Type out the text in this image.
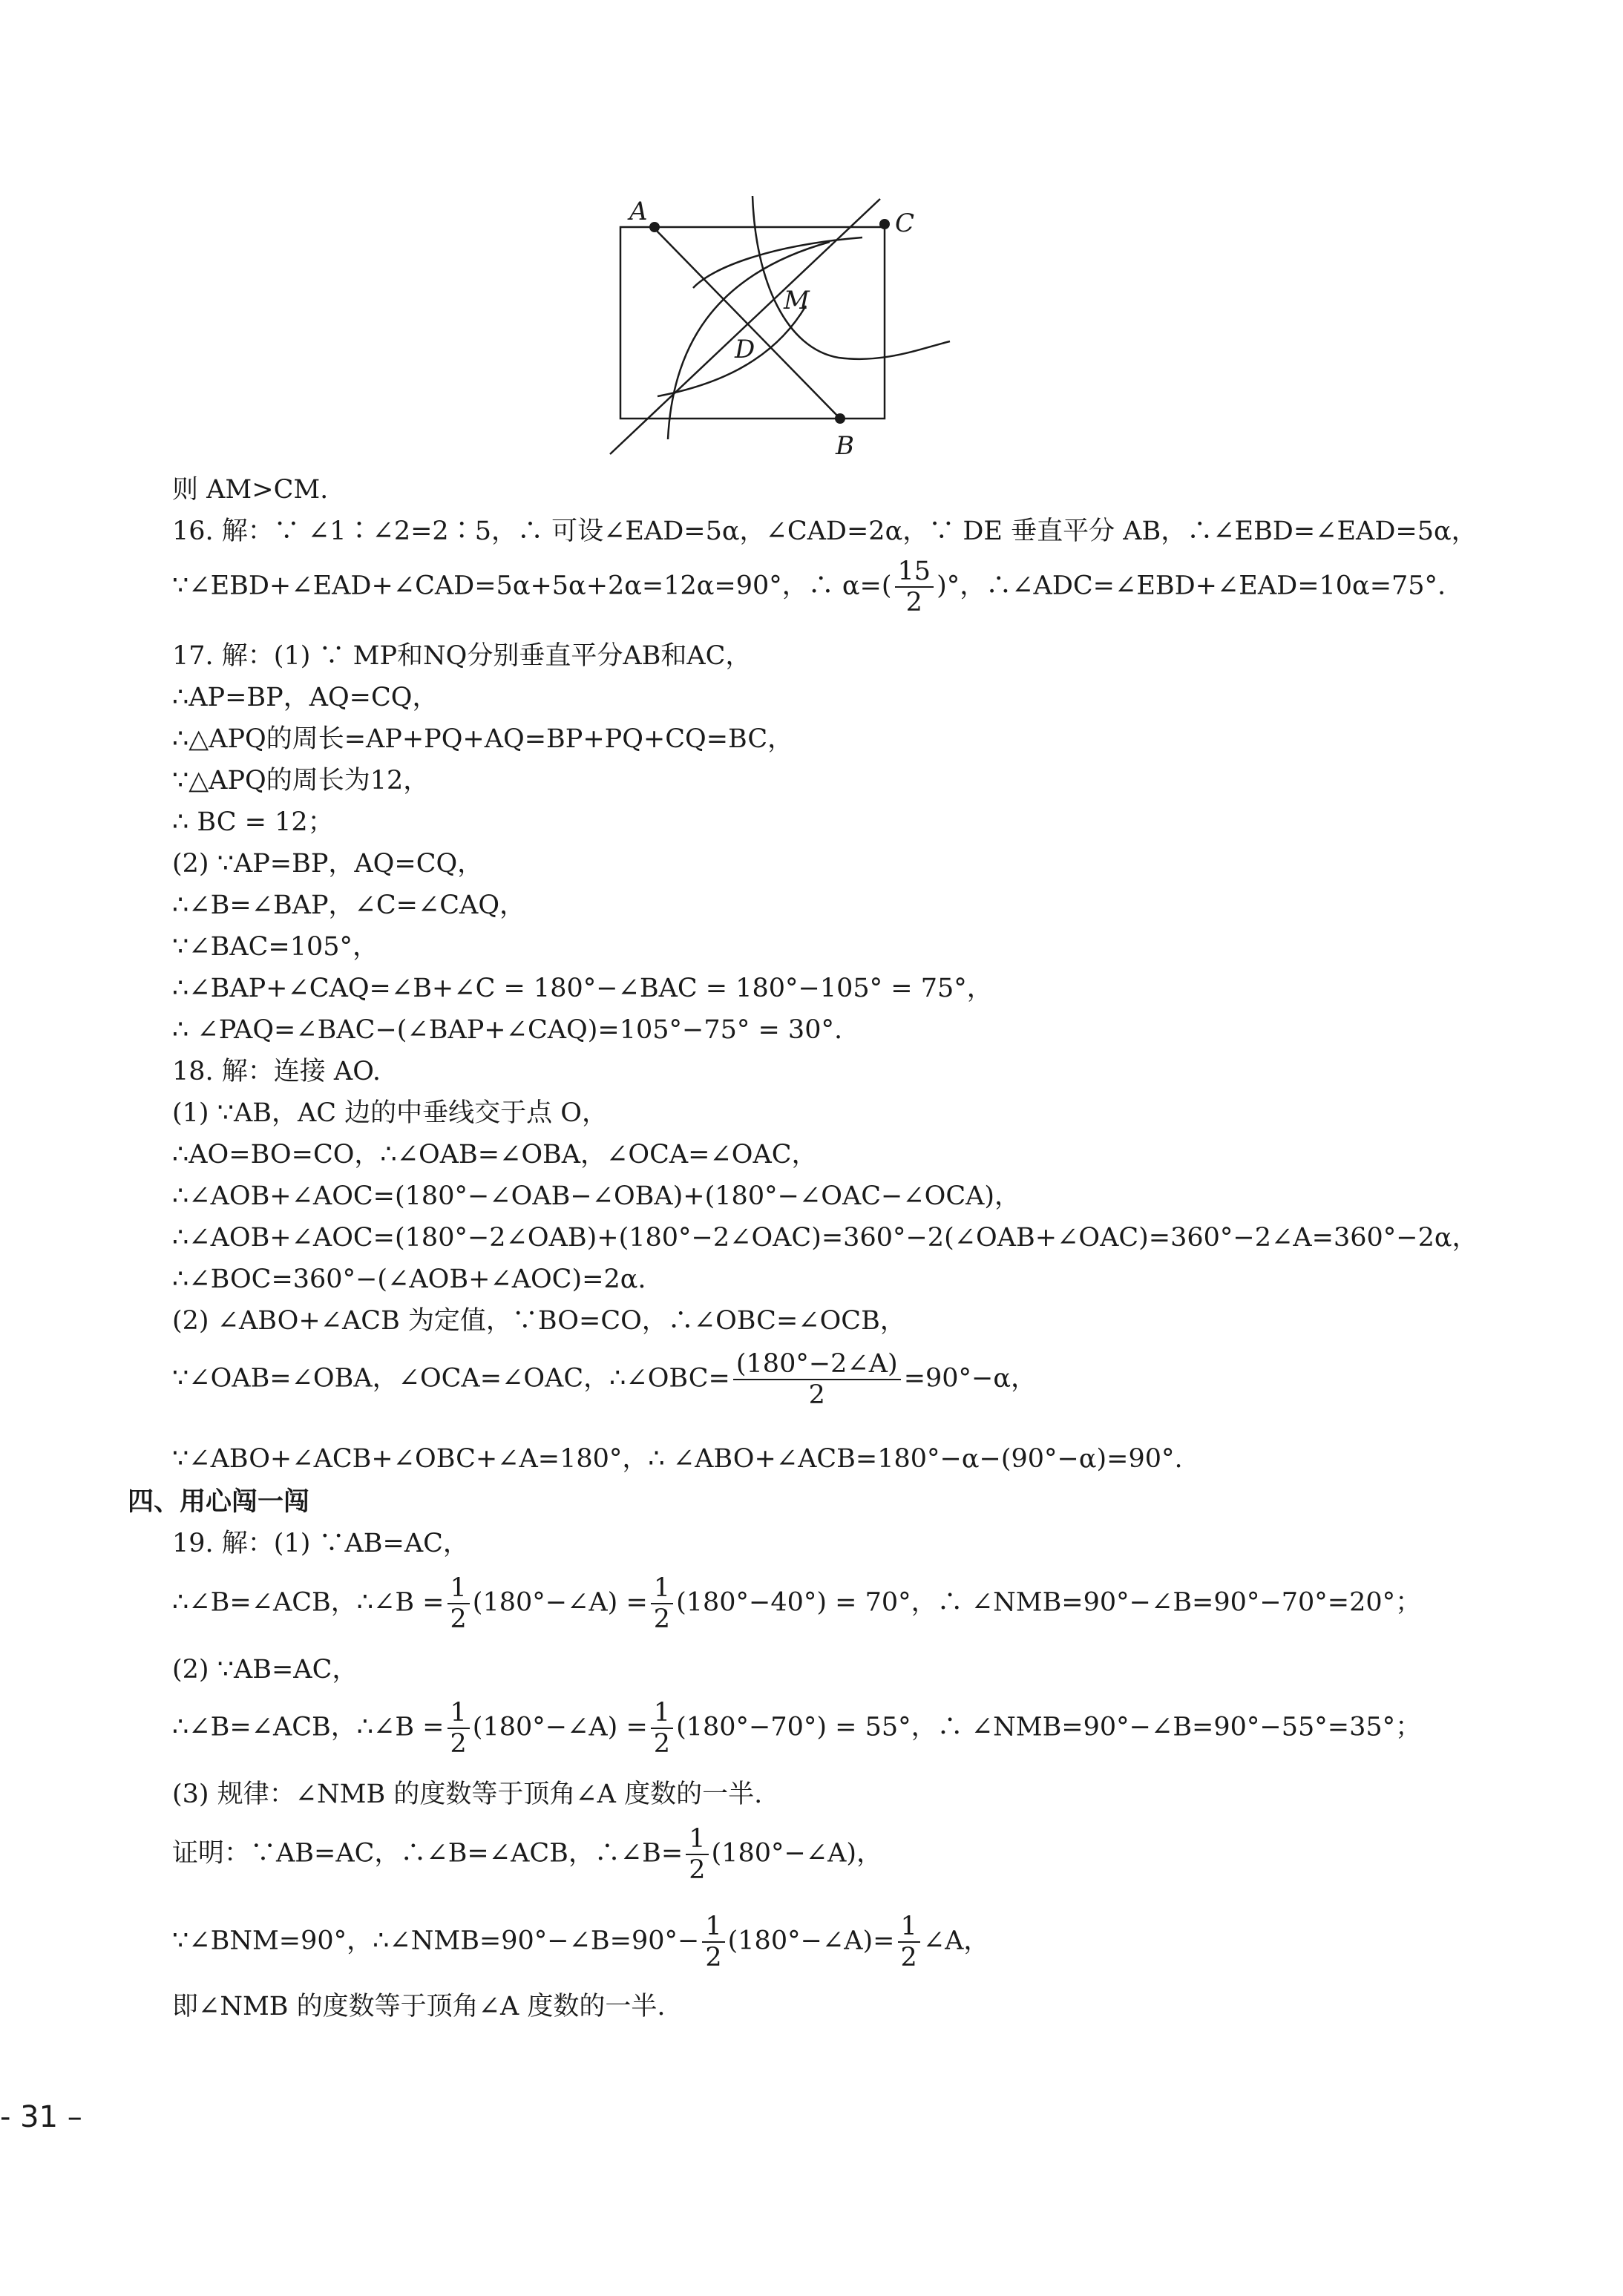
A	C
B
D
M
则 AM>CM.
16. 解：∵ ∠1∶∠2=2∶5，∴ 可设∠EAD=5α，∠CAD=2α，∵ DE 垂直平分 AB，∴∠EBD=∠EAD=5α，
∵∠EBD+∠EAD+∠CAD=5α+5α+2α=12α=90°，∴ $\alpha=( \frac{15}{2}$ )°，∴∠ADC=∠EBD+∠EAD=10α=75°.
17. 解：(1) ∵ MP和NQ分别垂直平分AB和AC，
∴AP=BP，AQ=CQ，
∴△APQ的周长=AP+PQ+AQ=BP+PQ+CQ=BC，
∵△APQ的周长为12，
∴ BC = 12；
(2) ∵AP=BP，AQ=CQ，
∴∠B=∠BAP，∠C=∠CAQ，
∵∠BAC=105°，
∴∠BAP+∠CAQ=∠B+∠C = 180°−∠BAC = 180°−105° = 75°，
∴ ∠PAQ=∠BAC−(∠BAP+∠CAQ)=105°−75° = 30°.
18. 解：连接 AO.
(1) ∵AB，AC 边的中垂线交于点 O，
∴AO=BO=CO，∴∠OAB=∠OBA，∠OCA=∠OAC，
∴∠AOB+∠AOC=(180°−∠OAB−∠OBA)+(180°−∠OAC−∠OCA)，
∴∠AOB+∠AOC=(180°−2∠OAB)+(180°−2∠OAC)=360°−2(∠OAB+∠OAC)=360°−2∠A=360°−2α，
∴∠BOC=360°−(∠AOB+∠AOC)=2α.
(2) ∠ABO+∠ACB 为定值，∵BO=CO，∴∠OBC=∠OCB，
∵∠OAB=∠OBA，∠OCA=∠OAC，∴∠OBC= $\frac{(180^\circ-2\angle A)}{2} =90^\circ-\alpha$，
∵∠ABO+∠ACB+∠OBC+∠A=180°，∴ ∠ABO+∠ACB=180°−α−(90°−α)=90°.
四、用心闯一闯
19. 解：(1) ∵AB=AC，
∴∠B=∠ACB，∴∠B = $\frac{1}{2}$ (180°−∠A) = $\frac{1}{2} (180^\circ-40^\circ) = 70^\circ$，∴ ∠NMB=90°−∠B=90°−70°=20°；
(2) ∵AB=AC，
∴∠B=∠ACB，∴∠B = $\frac{1}{2}$ (180°−∠A) = $\frac{1}{2} (180^\circ-70^\circ) = 55^\circ$，∴ ∠NMB=90°−∠B=90°−55°=35°；
(3) 规律：∠NMB 的度数等于顶角∠A 度数的一半.
证明：∵AB=AC，∴∠B=∠ACB，∴∠B= $\frac{1}{2}$ (180°−∠A)，
∵∠BNM=90°，∴∠NMB=90°−∠B=90°− $\frac{1}{2}$ (180°−∠A)= $\frac{1}{2}$ ∠A，
即∠NMB 的度数等于顶角∠A 度数的一半.
- 31 –
